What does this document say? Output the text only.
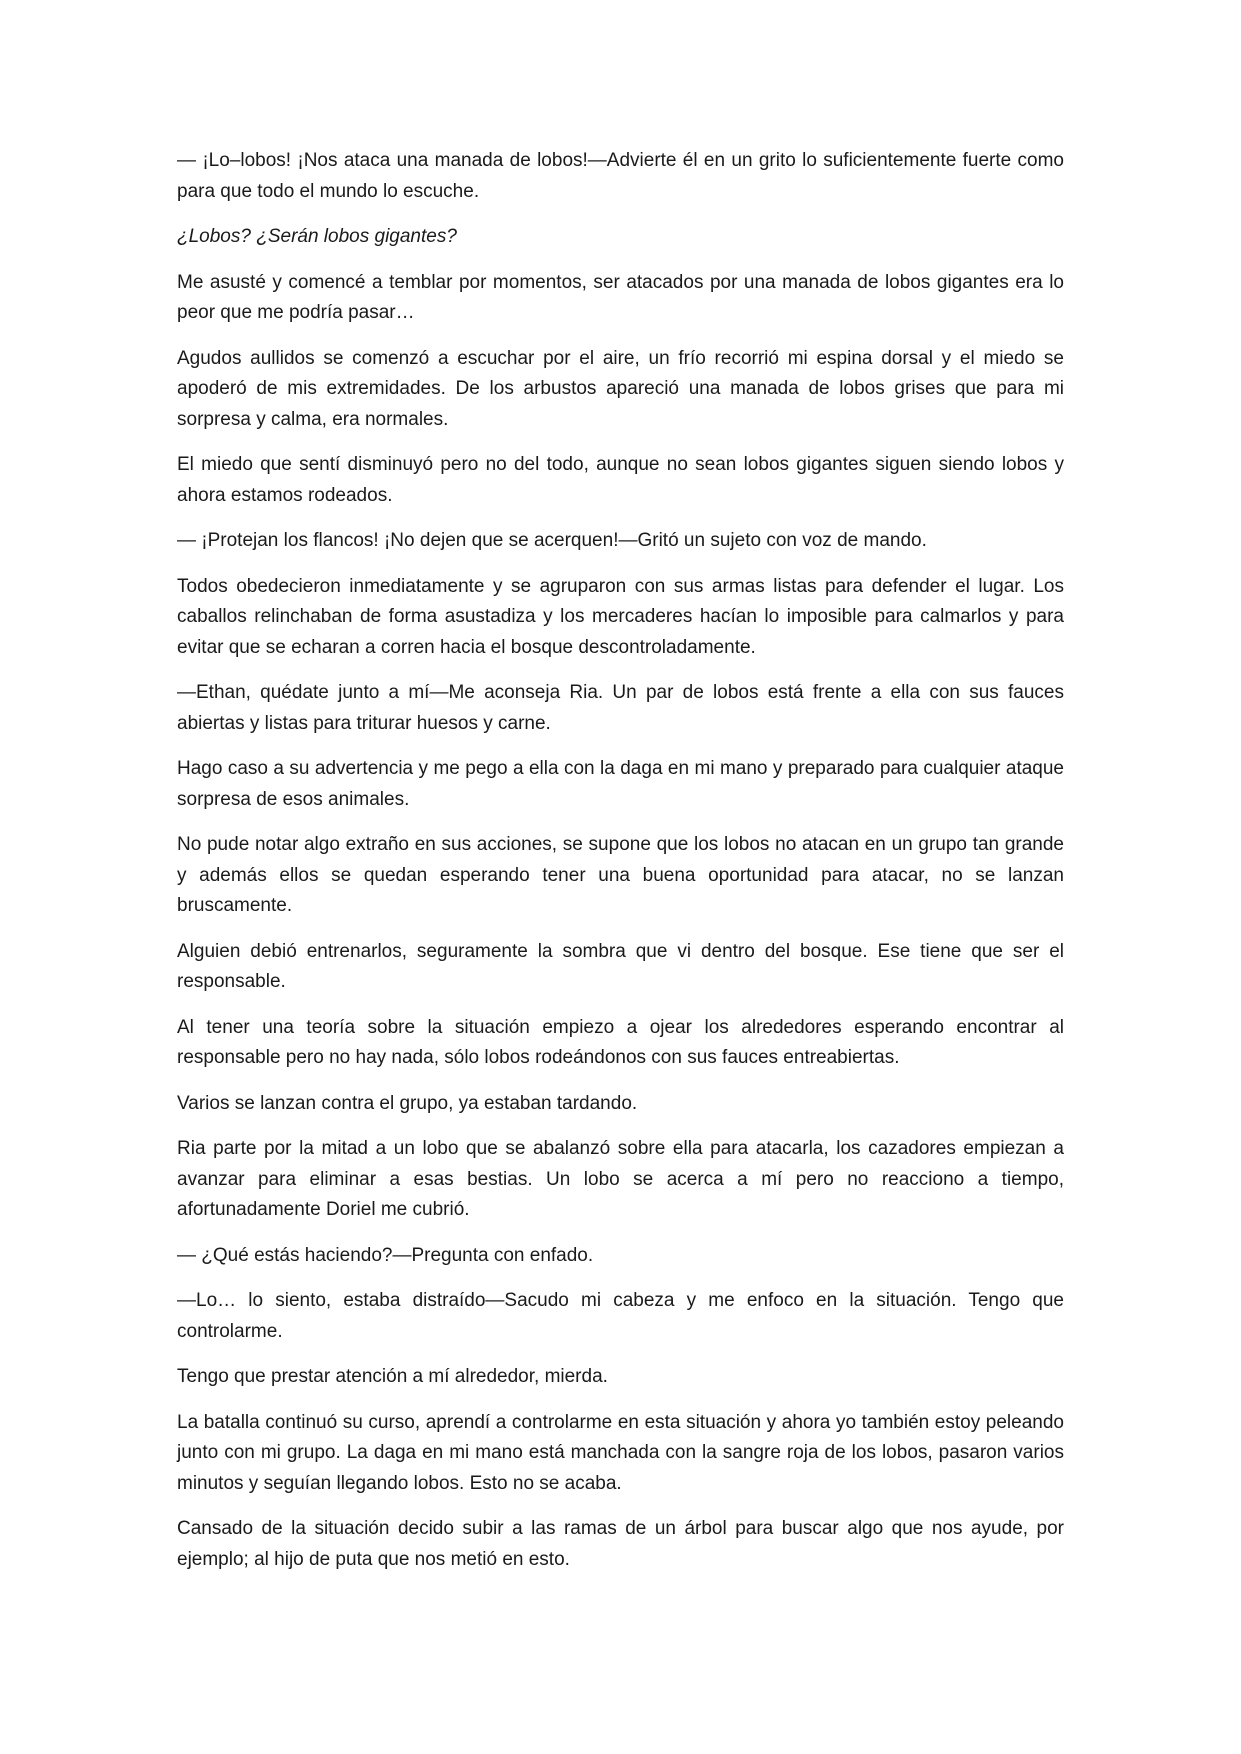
— ¡Lo–lobos! ¡Nos ataca una manada de lobos!—Advierte él en un grito lo suficientemente fuerte como para que todo el mundo lo escuche.

¿Lobos? ¿Serán lobos gigantes?

Me asusté y comencé a temblar por momentos, ser atacados por una manada de lobos gigantes era lo peor que me podría pasar…

Agudos aullidos se comenzó a escuchar por el aire, un frío recorrió mi espina dorsal y el miedo se apoderó de mis extremidades. De los arbustos apareció una manada de lobos grises que para mi sorpresa y calma, era normales.

El miedo que sentí disminuyó pero no del todo, aunque no sean lobos gigantes siguen siendo lobos y ahora estamos rodeados.

— ¡Protejan los flancos! ¡No dejen que se acerquen!—Gritó un sujeto con voz de mando.

Todos obedecieron inmediatamente y se agruparon con sus armas listas para defender el lugar. Los caballos relinchaban de forma asustadiza y los mercaderes hacían lo imposible para calmarlos y para evitar que se echaran a corren hacia el bosque descontroladamente.

—Ethan, quédate junto a mí—Me aconseja Ria. Un par de lobos está frente a ella con sus fauces abiertas y listas para triturar huesos y carne.

Hago caso a su advertencia y me pego a ella con la daga en mi mano y preparado para cualquier ataque sorpresa de esos animales.

No pude notar algo extraño en sus acciones, se supone que los lobos no atacan en un grupo tan grande y además ellos se quedan esperando tener una buena oportunidad para atacar, no se lanzan bruscamente.

Alguien debió entrenarlos, seguramente la sombra que vi dentro del bosque. Ese tiene que ser el responsable.

Al tener una teoría sobre la situación empiezo a ojear los alrededores esperando encontrar al responsable pero no hay nada, sólo lobos rodeándonos con sus fauces entreabiertas.

Varios se lanzan contra el grupo, ya estaban tardando.

Ria parte por la mitad a un lobo que se abalanzó sobre ella para atacarla, los cazadores empiezan a avanzar para eliminar a esas bestias. Un lobo se acerca a mí pero no reacciono a tiempo, afortunadamente Doriel me cubrió.

— ¿Qué estás haciendo?—Pregunta con enfado.

—Lo… lo siento, estaba distraído—Sacudo mi cabeza y me enfoco en la situación. Tengo que controlarme.

Tengo que prestar atención a mí alrededor, mierda.

La batalla continuó su curso, aprendí a controlarme en esta situación y ahora yo también estoy peleando junto con mi grupo. La daga en mi mano está manchada con la sangre roja de los lobos, pasaron varios minutos y seguían llegando lobos. Esto no se acaba.

Cansado de la situación decido subir a las ramas de un árbol para buscar algo que nos ayude, por ejemplo; al hijo de puta que nos metió en esto.
